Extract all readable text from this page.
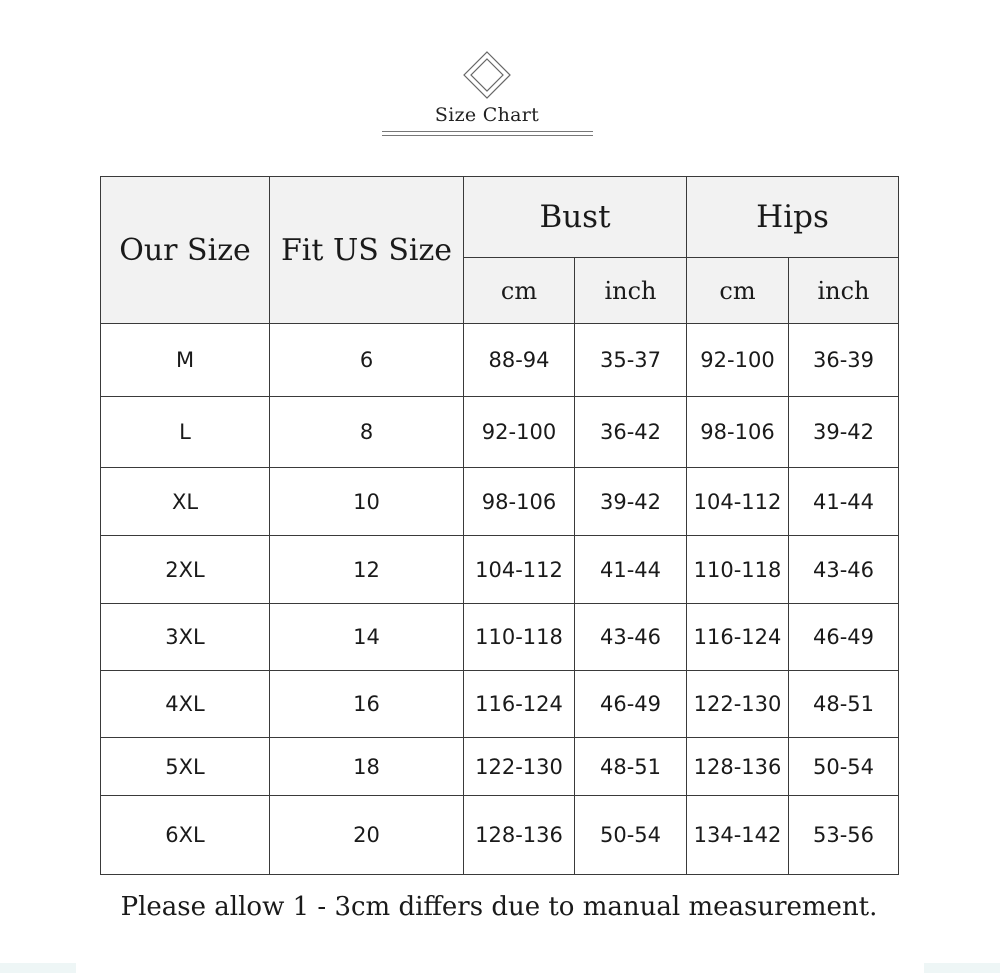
Size Chart
Our Size	Fit US Size	Bust		Hips	
		cm	inch	cm	inch
M	6	88-94	35-37	92-100	36-39
L	8	92-100	36-42	98-106	39-42
XL	10	98-106	39-42	104-112	41-44
2XL	12	104-112	41-44	110-118	43-46
3XL	14	110-118	43-46	116-124	46-49
4XL	16	116-124	46-49	122-130	48-51
5XL	18	122-130	48-51	128-136	50-54
6XL	20	128-136	50-54	134-142	53-56
Please allow 1 - 3cm differs due to manual measurement.
